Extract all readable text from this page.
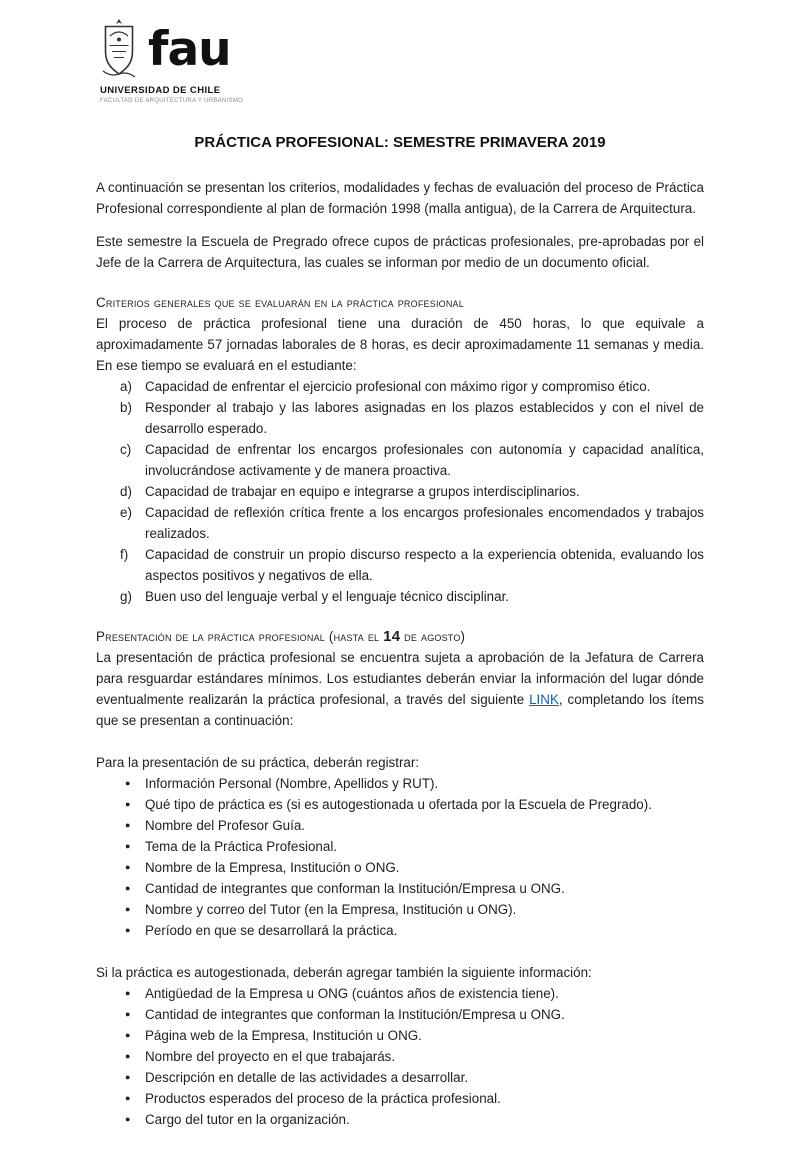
fau
UNIVERSIDAD DE CHILE
FACULTAD DE ARQUITECTURA Y URBANISMO
PRÁCTICA PROFESIONAL: SEMESTRE PRIMAVERA 2019

A continuación se presentan los criterios, modalidades y fechas de evaluación del proceso de Práctica Profesional correspondiente al plan de formación 1998 (malla antigua), de la Carrera de Arquitectura.

Este semestre la Escuela de Pregrado ofrece cupos de prácticas profesionales, pre-aprobadas por el Jefe de la Carrera de Arquitectura, las cuales se informan por medio de un documento oficial.

Criterios generales que se evaluarán en la práctica profesional

El proceso de práctica profesional tiene una duración de 450 horas, lo que equivale a aproximadamente 57 jornadas laborales de 8 horas, es decir aproximadamente 11 semanas y media. En ese tiempo se evaluará en el estudiante:

a) Capacidad de enfrentar el ejercicio profesional con máximo rigor y compromiso ético.
b) Responder al trabajo y las labores asignadas en los plazos establecidos y con el nivel de desarrollo esperado.
c)	Capacidad de enfrentar los encargos profesionales con autonomía y capacidad analítica, involucrándose activamente y de manera proactiva.
d) Capacidad de trabajar en equipo e integrarse a grupos interdisciplinarios.
e) Capacidad de reflexión crítica frente a los encargos profesionales encomendados y trabajos realizados.
f)	Capacidad de construir un propio discurso respecto a la experiencia obtenida, evaluando los aspectos positivos y negativos de ella.
g) Buen uso del lenguaje verbal y el lenguaje técnico disciplinar.
Presentación de la práctica profesional (hasta el 14 de agosto)

La presentación de práctica profesional se encuentra sujeta a aprobación de la Jefatura de Carrera para resguardar estándares mínimos. Los estudiantes deberán enviar la información del lugar dónde eventualmente realizarán la práctica profesional, a través del siguiente LINK, completando los ítems que se presentan a continuación:

Para la presentación de su práctica, deberán registrar:

●	Información Personal (Nombre, Apellidos y RUT).
●	Qué tipo de práctica es (si es autogestionada u ofertada por la Escuela de Pregrado).
●	Nombre del Profesor Guía.
●	Tema de la Práctica Profesional.
●	Nombre de la Empresa, Institución o ONG.
●	Cantidad de integrantes que conforman la Institución/Empresa u ONG.
●	Nombre y correo del Tutor (en la Empresa, Institución u ONG).
●	Período en que se desarrollará la práctica.

Si la práctica es autogestionada, deberán agregar también la siguiente información:

●	Antigüedad de la Empresa u ONG (cuántos años de existencia tiene).
●	Cantidad de integrantes que conforman la Institución/Empresa u ONG.
●	Página web de la Empresa, Institución u ONG.
●	Nombre del proyecto en el que trabajarás.
●	Descripción en detalle de las actividades a desarrollar.
●	Productos esperados del proceso de la práctica profesional.
●	Cargo del tutor en la organización.
